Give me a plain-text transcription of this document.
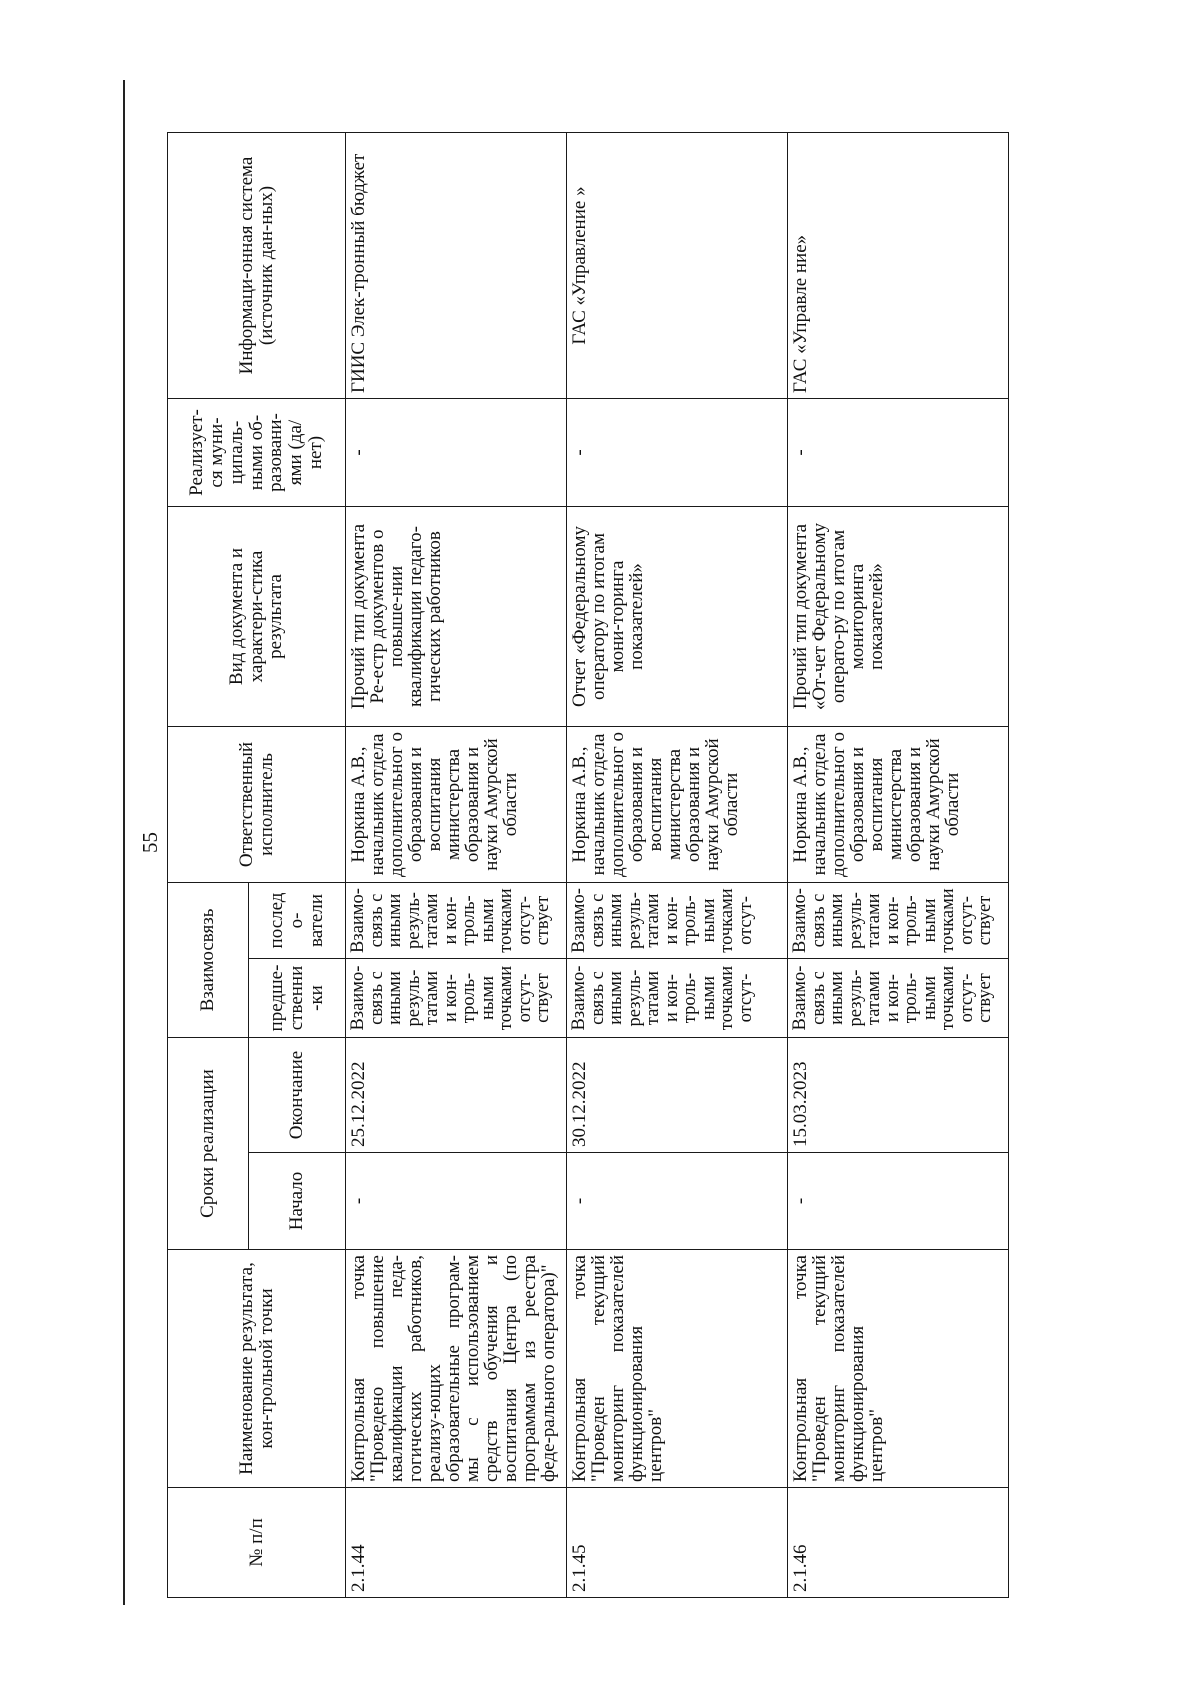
55
№ п/п	Наименование результата, кон-трольной точки	Сроки реализации		Взаимосвязь		Ответственный исполнитель	Вид документа и характери-стика результата	Реализует-ся муни-ципаль-ными об-разовани-ями (да/нет)	Информаци-онная система (источник дан-ных)
		Начало	Окончание	предше-ственни-ки	последо-ватели				
2.1.44	Контрольная точка "Проведено повышение квалификации педа-гогических работников, реализу-ющих образовательные програм-мы с использованием средств обучения и воспитания Центра (по программам из реестра феде-рального оператора)"	-	25.12.2022	Взаимо-связь с иными резуль-татами и кон-троль-ными точками отсут-ствует	Взаимо-связь с иными резуль-татами и кон-троль-ными точками отсут-ствует	Норкина А.В., начальник отдела дополнительног о образования и воспитания министерства образования и науки Амурской области	Прочий тип документа Ре-естр документов о повыше-нии квалификации педаго-гических работников	-	ГИИС Элек-тронный бюджет
2.1.45	Контрольная точка "Проведен текущий мониторинг показателей функционирования центров"	-	30.12.2022	Взаимо-связь с иными резуль-татами и кон-троль-ными точками отсут-	Взаимо-связь с иными резуль-татами и кон-троль-ными точками отсут-	Норкина А.В., начальник отдела дополнительног о образования и воспитания министерства образования и науки Амурской области	Отчет «Федеральному оператору по итогам мони-торинга показателей»	-	ГАС «Управление »
2.1.46	Контрольная точка "Проведен текущий мониторинг показателей функционирования центров"	-	15.03.2023	Взаимо-связь с иными резуль-татами и кон-троль-ными точками отсут-ствует	Взаимо-связь с иными резуль-татами и кон-троль-ными точками отсут-ствует	Норкина А.В., начальник отдела дополнительног о образования и воспитания министерства образования и науки Амурской области	Прочий тип документа «От-чет Федеральному операто-ру по итогам мониторинга показателей»	-	ГАС «Управле ние»
